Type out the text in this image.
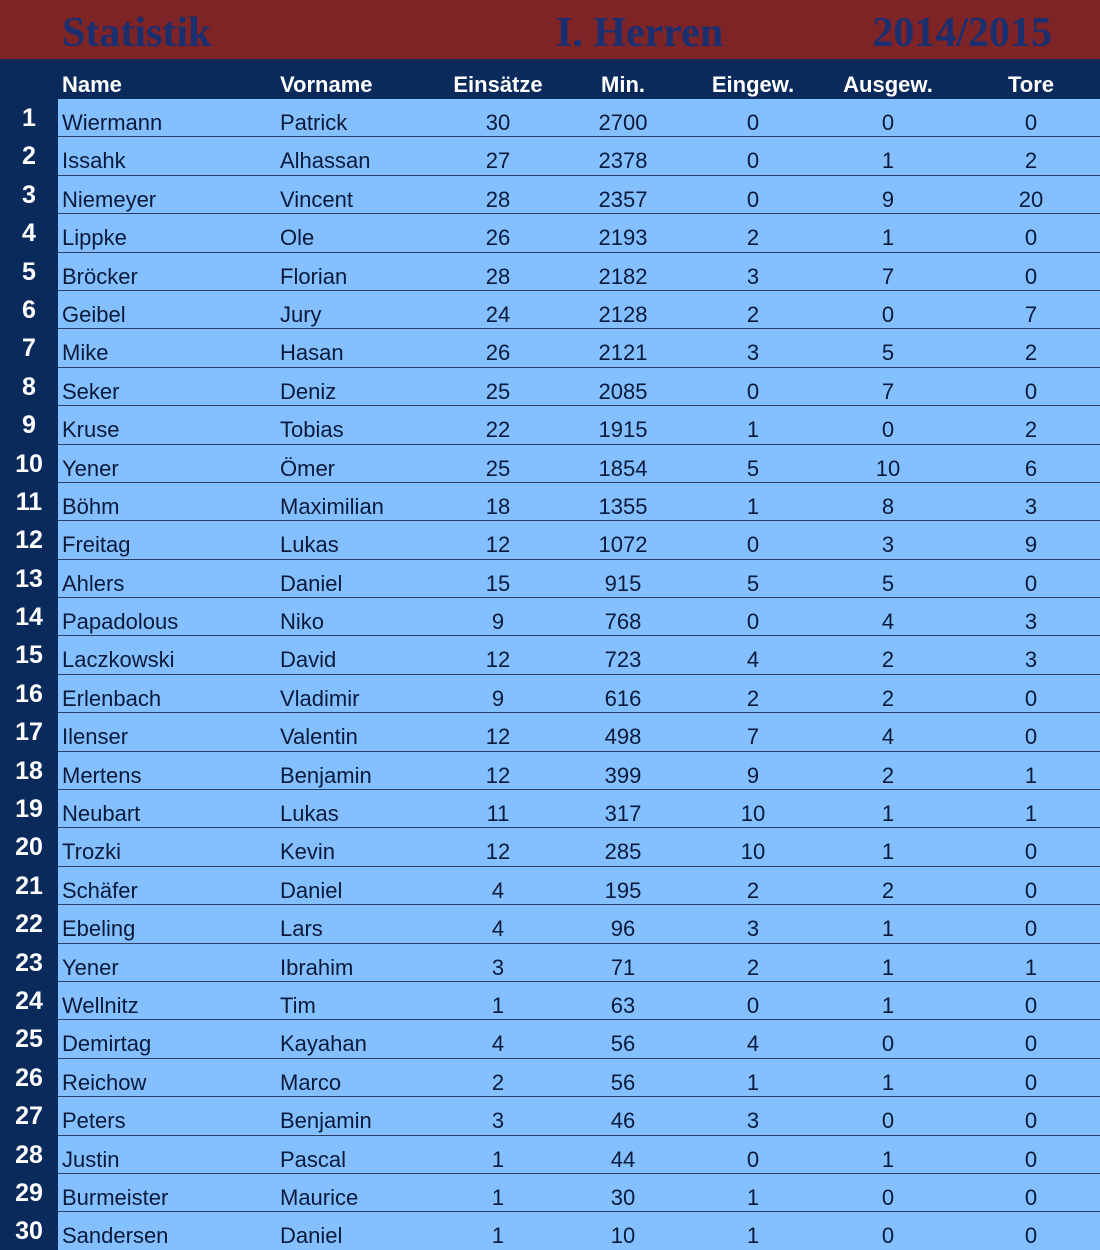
Statistik	I. Herren	2014/2015
Name	Vorname	Einsätze	Min.	Eingew.	Ausgew.	Tore
1	Wiermann	Patrick	30	2700	0	0	0
2	Issahk	Alhassan	27	2378	0	1	2
3	Niemeyer	Vincent	28	2357	0	9	20
4	Lippke	Ole	26	2193	2	1	0
5	Bröcker	Florian	28	2182	3	7	0
6	Geibel	Jury	24	2128	2	0	7
7	Mike	Hasan	26	2121	3	5	2
8	Seker	Deniz	25	2085	0	7	0
9	Kruse	Tobias	22	1915	1	0	2
10 Yener	Ömer	25	1854	5	10	6
11 Böhm	Maximilian	18	1355	1	8	3
12 Freitag	Lukas	12	1072	0	3	9
13 Ahlers	Daniel	15	915	5	5	0
14 Papadolous	Niko	9	768	0	4	3
15 Laczkowski	David	12	723	4	2	3
16 Erlenbach	Vladimir	9	616	2	2	0
17 Ilenser	Valentin	12	498	7	4	0
18 Mertens	Benjamin	12	399	9	2	1
19 Neubart	Lukas	11	317	10	1	1
20 Trozki	Kevin	12	285	10	1	0
21 Schäfer	Daniel	4	195	2	2	0
22 Ebeling	Lars	4	96	3	1	0
23 Yener	Ibrahim	3	71	2	1	1
24 Wellnitz	Tim	1	63	0	1	0
25 Demirtag	Kayahan	4	56	4	0	0
26 Reichow	Marco	2	56	1	1	0
27 Peters	Benjamin	3	46	3	0	0
28 Justin	Pascal	1	44	0	1	0
29 Burmeister	Maurice	1	30	1	0	0
30 Sandersen	Daniel	1	10	1	0	0
